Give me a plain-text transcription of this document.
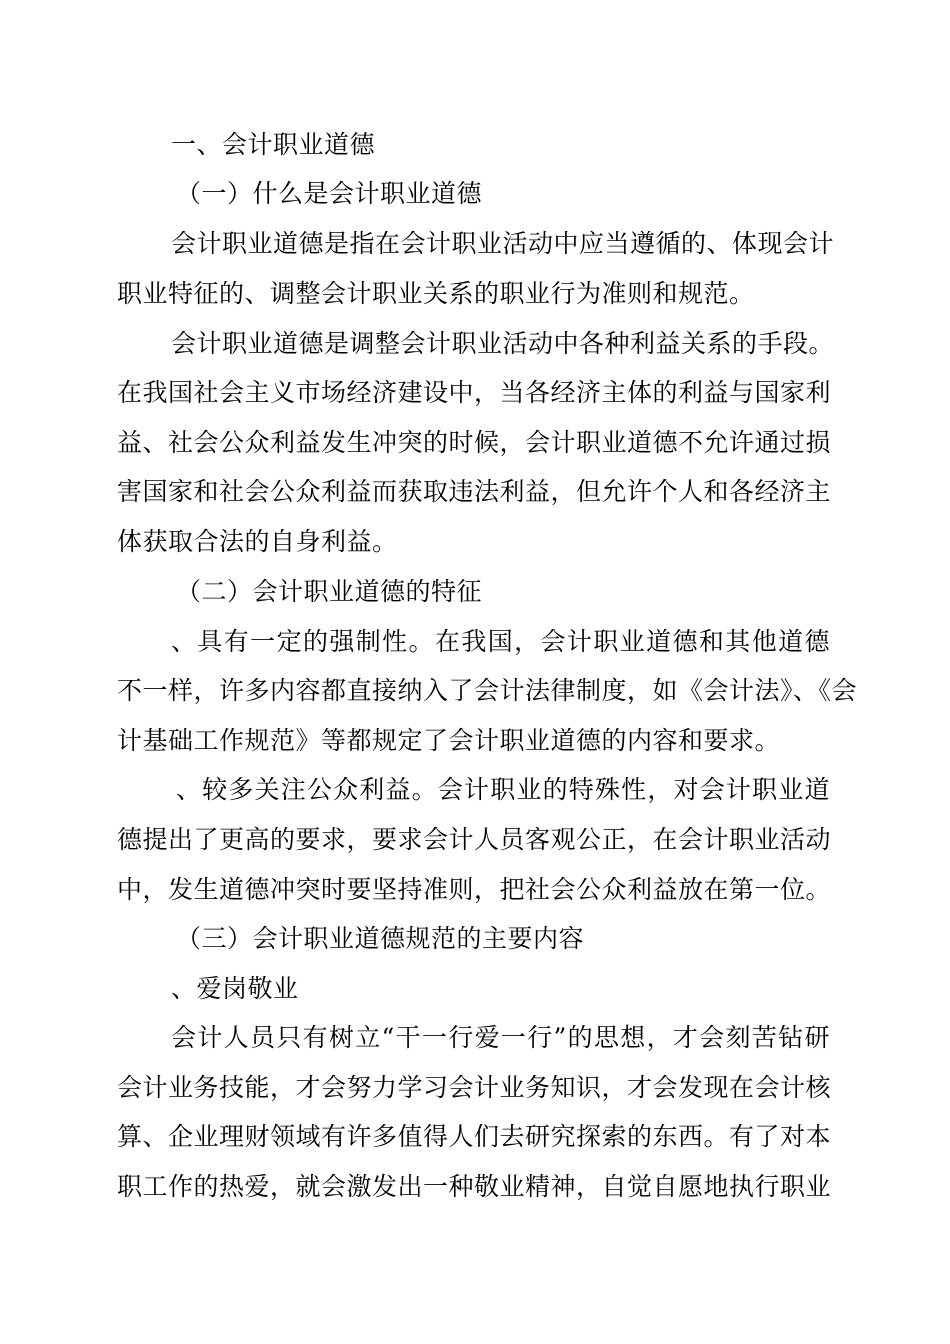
一、会计职业道德
（一）什么是会计职业道德
会计职业道德是指在会计职业活动中应当遵循的、体现会计
职业特征的、调整会计职业关系的职业行为准则和规范。
会计职业道德是调整会计职业活动中各种利益关系的手段。
在我国社会主义市场经济建设中，当各经济主体的利益与国家利
益、社会公众利益发生冲突的时候，会计职业道德不允许通过损
害国家和社会公众利益而获取违法利益，但允许个人和各经济主
体获取合法的自身利益。
（二）会计职业道德的特征
、具有一定的强制性。在我国，会计职业道德和其他道德
不一样，许多内容都直接纳入了会计法律制度，如《会计法》、《会
计基础工作规范》等都规定了会计职业道德的内容和要求。
、较多关注公众利益。会计职业的特殊性，对会计职业道
德提出了更高的要求，要求会计人员客观公正，在会计职业活动
中，发生道德冲突时要坚持准则，把社会公众利益放在第一位。
（三）会计职业道德规范的主要内容
、爱岗敬业
会计人员只有树立“干一行爱一行”的思想，才会刻苦钻研
会计业务技能，才会努力学习会计业务知识，才会发现在会计核
算、企业理财领域有许多值得人们去研究探索的东西。有了对本
职工作的热爱，就会激发出一种敬业精神，自觉自愿地执行职业
